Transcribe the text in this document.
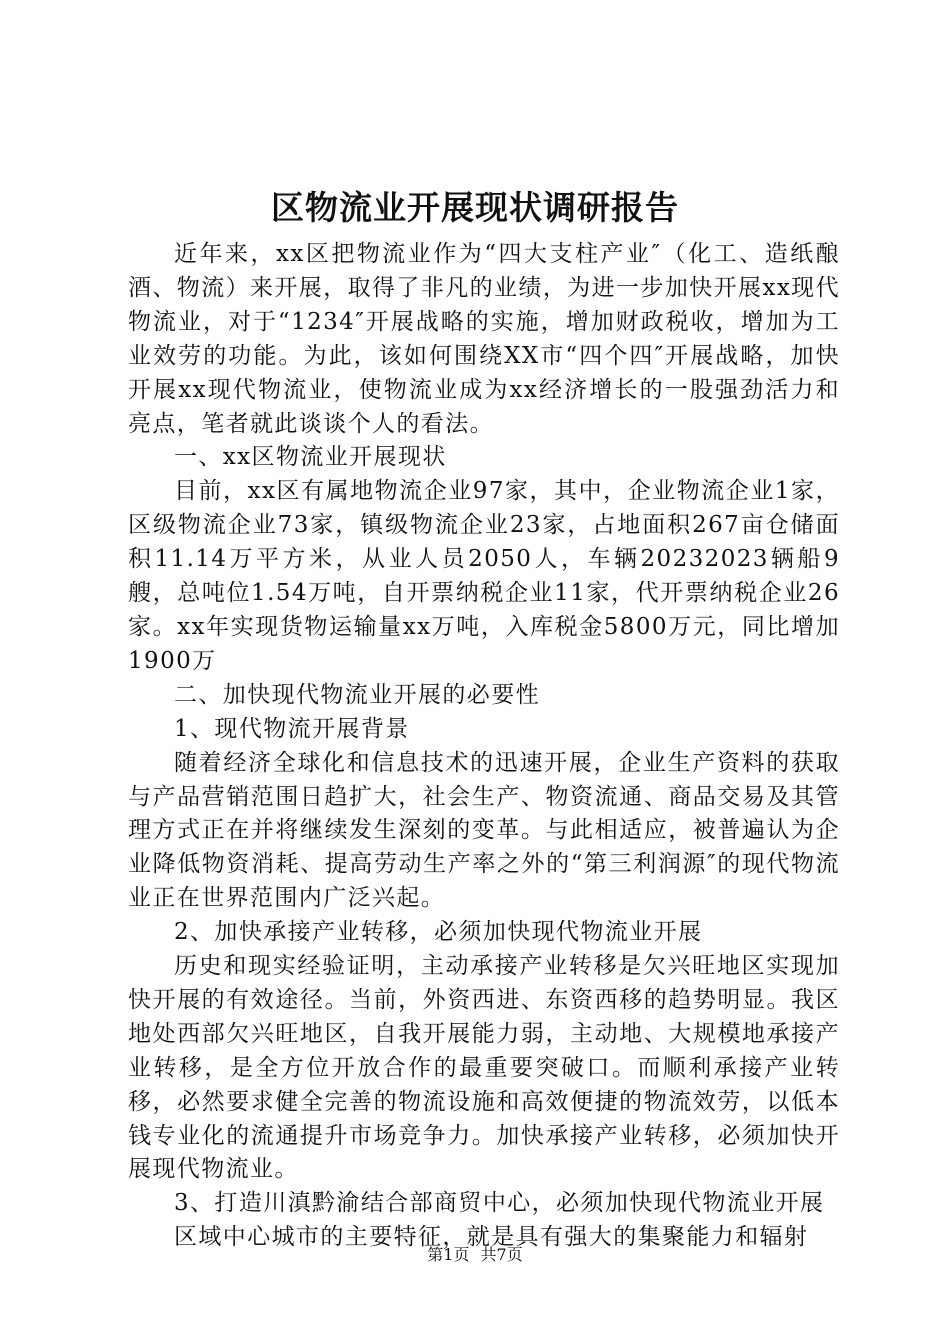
区物流业开展现状调研报告

近年来，xx区把物流业作为“四大支柱产业″（化工、造纸酿酒、物流）来开展，取得了非凡的业绩，为进一步加快开展xx现代物流业，对于“1234″开展战略的实施，增加财政税收，增加为工业效劳的功能。为此，该如何围绕XX市“四个四″开展战略，加快开展xx现代物流业，使物流业成为xx经济增长的一股强劲活力和亮点，笔者就此谈谈个人的看法。

一、xx区物流业开展现状

目前，xx区有属地物流企业97家，其中，企业物流企业1家，区级物流企业73家，镇级物流企业23家，占地面积267亩仓储面积11.14万平方米，从业人员2050人，车辆20232023辆船9艘，总吨位1.54万吨，自开票纳税企业11家，代开票纳税企业26家。xx年实现货物运输量xx万吨，入库税金5800万元，同比增加1900万

二、加快现代物流业开展的必要性

1、现代物流开展背景

随着经济全球化和信息技术的迅速开展，企业生产资料的获取与产品营销范围日趋扩大，社会生产、物资流通、商品交易及其管理方式正在并将继续发生深刻的变革。与此相适应，被普遍认为企业降低物资消耗、提高劳动生产率之外的“第三利润源″的现代物流业正在世界范围内广泛兴起。

2、加快承接产业转移，必须加快现代物流业开展

历史和现实经验证明，主动承接产业转移是欠兴旺地区实现加快开展的有效途径。当前，外资西进、东资西移的趋势明显。我区地处西部欠兴旺地区，自我开展能力弱，主动地、大规模地承接产业转移，是全方位开放合作的最重要突破口。而顺利承接产业转移，必然要求健全完善的物流设施和高效便捷的物流效劳，以低本钱专业化的流通提升市场竞争力。加快承接产业转移，必须加快开展现代物流业。

3、打造川滇黔渝结合部商贸中心，必须加快现代物流业开展

区域中心城市的主要特征，就是具有强大的集聚能力和辐射

第1页 共7页
